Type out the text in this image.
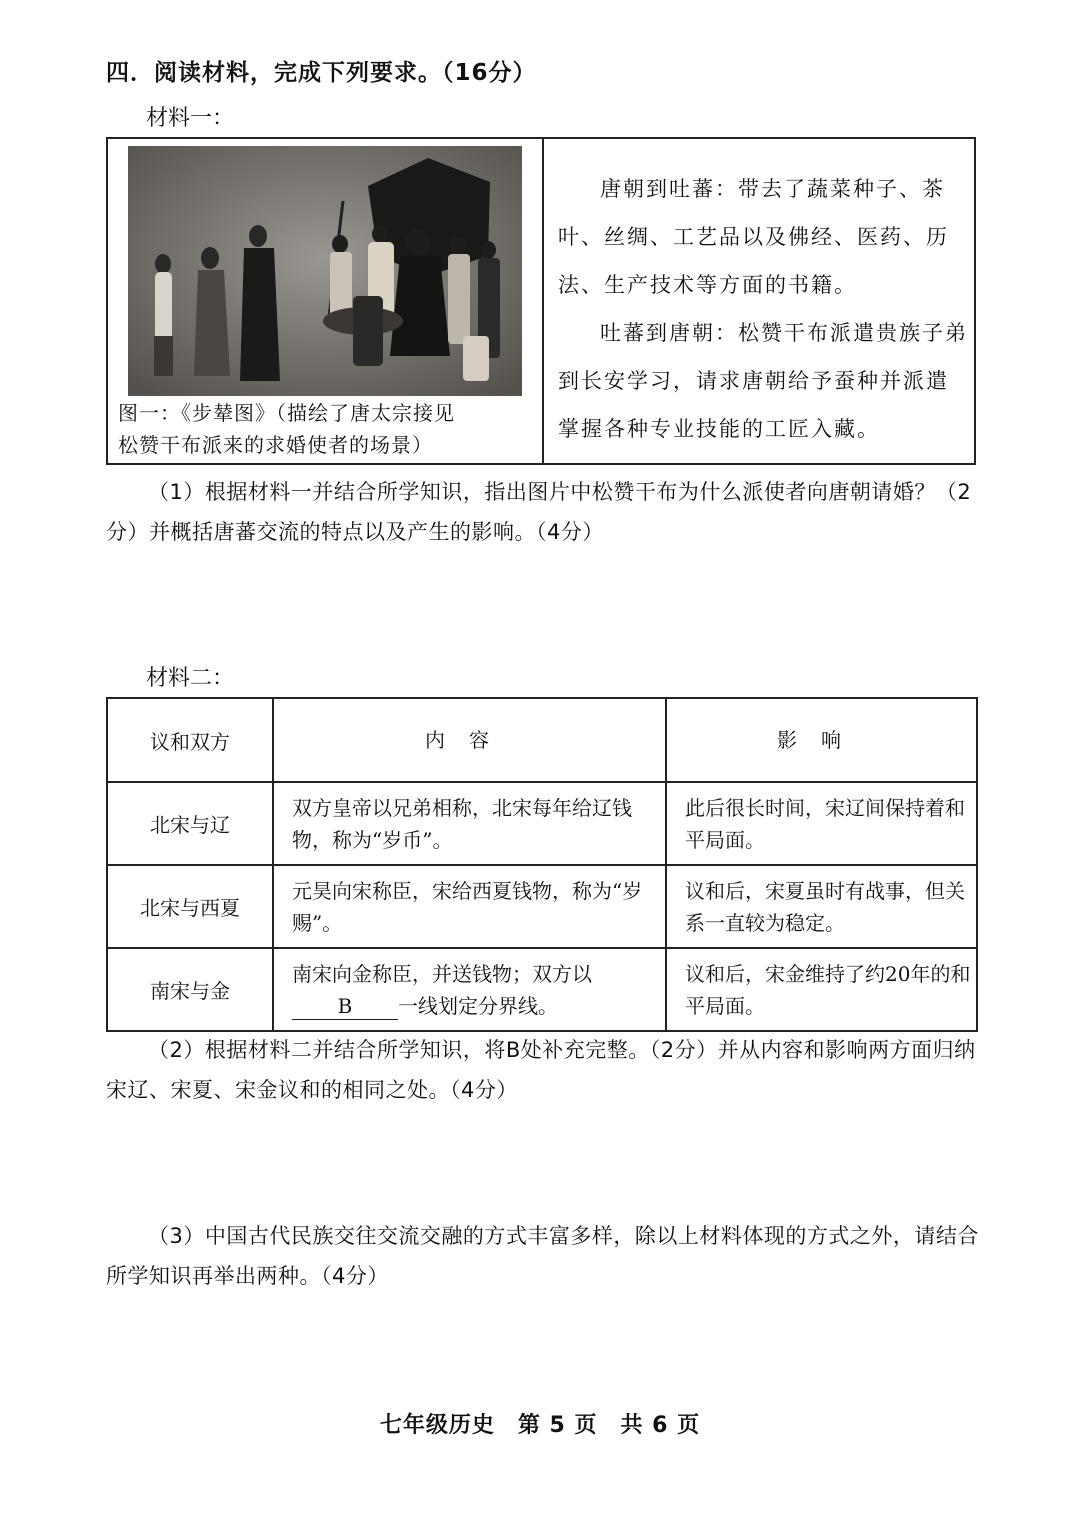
四．阅读材料，完成下列要求。（16分）
材料一：
图一：《步辇图》（描绘了唐太宗接见
松赞干布派来的求婚使者的场景）

唐朝到吐蕃：带去了蔬菜种子、茶叶、丝绸、工艺品以及佛经、医药、历法、生产技术等方面的书籍。

吐蕃到唐朝：松赞干布派遣贵族子弟到长安学习，请求唐朝给予蚕种并派遣掌握各种专业技能的工匠入藏。

（1）根据材料一并结合所学知识，指出图片中松赞干布为什么派使者向唐朝请婚？（2分）并概括唐蕃交流的特点以及产生的影响。（4分）
材料二：
议和双方	内容	影响
北宋与辽	双方皇帝以兄弟相称，北宋每年给辽钱物，称为“岁币”。	此后很长时间，宋辽间保持着和平局面。
北宋与西夏	元昊向宋称臣，宋给西夏钱物，称为“岁赐”。	议和后，宋夏虽时有战事，但关系一直较为稳定。
南宋与金	南宋向金称臣，并送钱物；双方以B 一线划定分界线。	议和后，宋金维持了约20年的和平局面。
（2）根据材料二并结合所学知识，将B处补充完整。（2分）并从内容和影响两方面归纳宋辽、宋夏、宋金议和的相同之处。（4分）
（3）中国古代民族交往交流交融的方式丰富多样，除以上材料体现的方式之外，请结合所学知识再举出两种。（4分）
七年级历史　第 5 页　共 6 页
